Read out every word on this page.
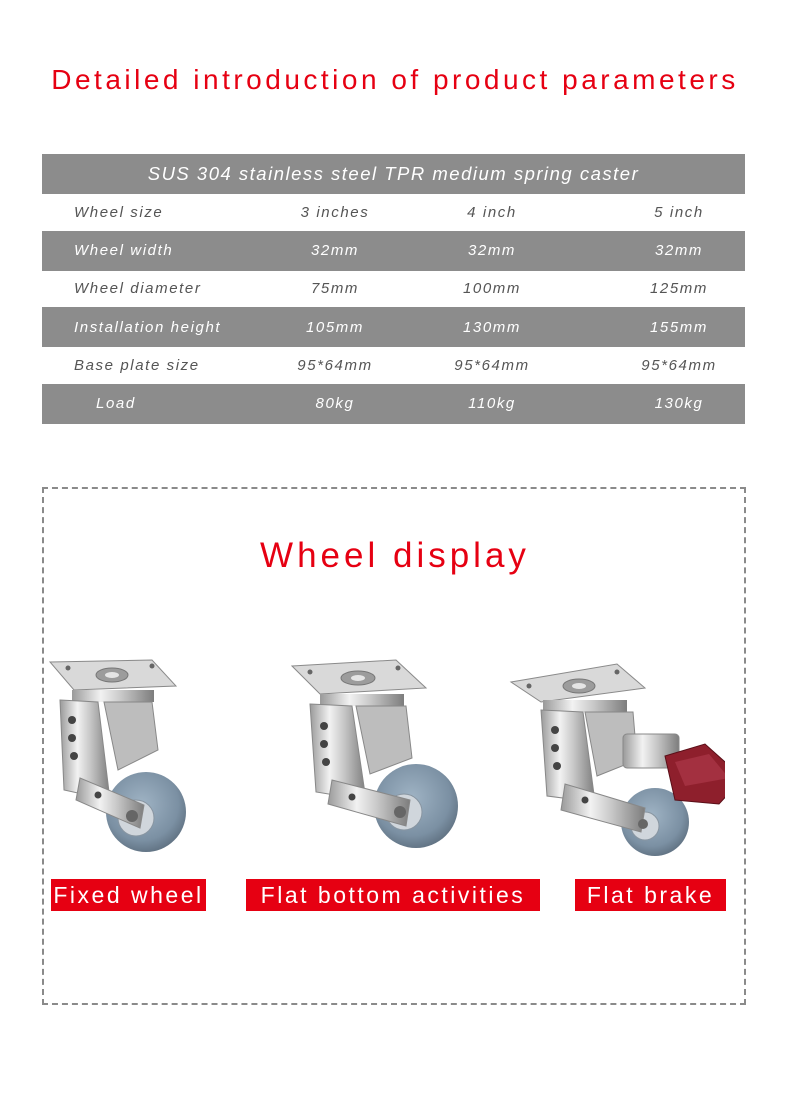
Detailed introduction of product parameters
SUS 304 stainless steel TPR medium spring caster
Wheel size	3 inches	4 inch	5 inch
Wheel width	32mm	32mm	32mm
Wheel diameter	75mm	100mm	125mm
Installation height	105mm	130mm	155mm
Base plate size	95*64mm	95*64mm	95*64mm
Load	80kg	110kg	130kg
Wheel display
Fixed wheel	Flat bottom activities	Flat brake
